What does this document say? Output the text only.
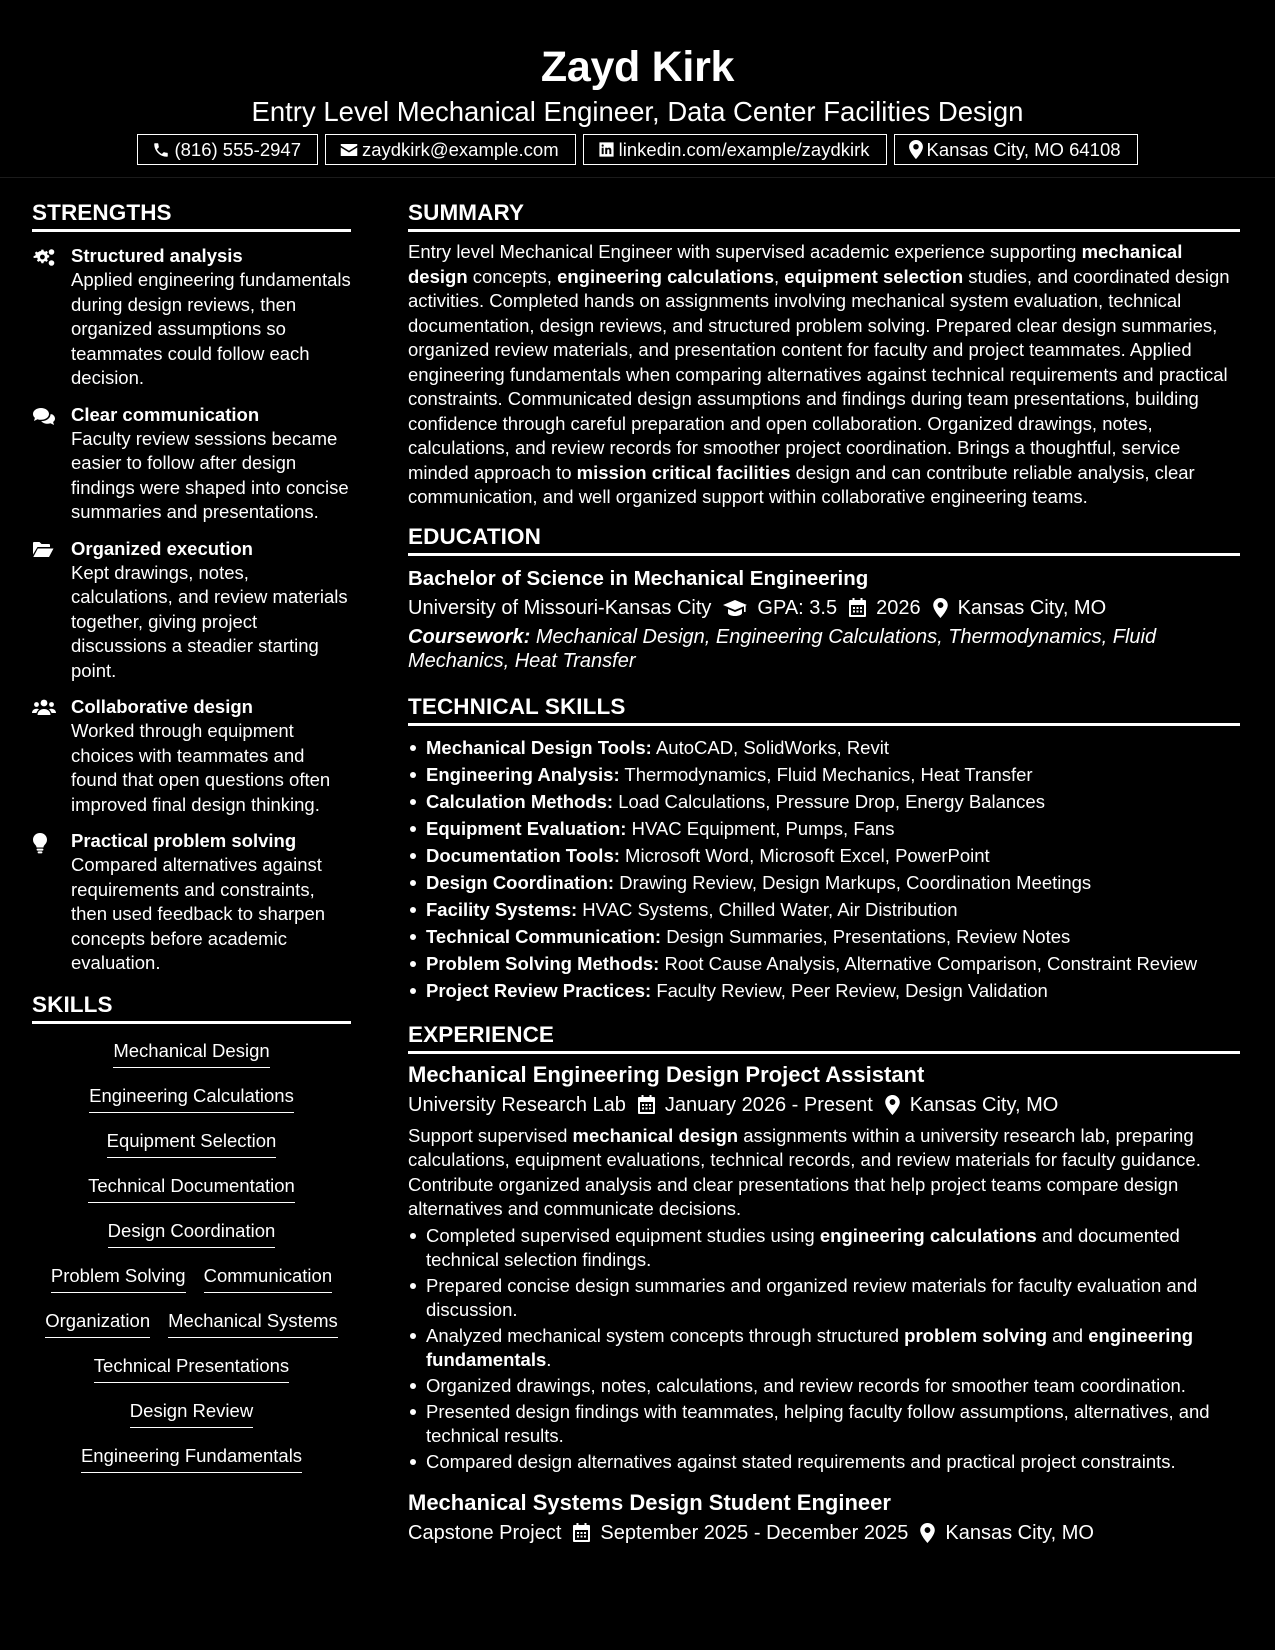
Zayd Kirk
Entry Level Mechanical Engineer, Data Center Facilities Design
(816) 555-2947	zaydkirk@example.com	linkedin.com/example/zaydkirk	Kansas City, MO 64108
STRENGTHS
Structured analysis
Applied engineering fundamentals during design reviews, then organized assumptions so teammates could follow each decision.
Clear communication
Faculty review sessions became easier to follow after design findings were shaped into concise summaries and presentations.
Organized execution
Kept drawings, notes, calculations, and review materials together, giving project discussions a steadier starting point.
Collaborative design
Worked through equipment choices with teammates and found that open questions often improved final design thinking.
Practical problem solving
Compared alternatives against requirements and constraints, then used feedback to sharpen concepts before academic evaluation.
SKILLS
Mechanical Design
Engineering Calculations
Equipment Selection
Technical Documentation
Design Coordination
Problem Solving Communication
Organization Mechanical Systems
Technical Presentations
Design Review
Engineering Fundamentals
SUMMARY

Entry level Mechanical Engineer with supervised academic experience supporting mechanical design concepts, engineering calculations, equipment selection studies, and coordinated design activities. Completed hands on assignments involving mechanical system evaluation, technical documentation, design reviews, and structured problem solving. Prepared clear design summaries, organized review materials, and presentation content for faculty and project teammates. Applied engineering fundamentals when comparing alternatives against technical requirements and practical constraints. Communicated design assumptions and findings during team presentations, building confidence through careful preparation and open collaboration. Organized drawings, notes, calculations, and review records for smoother project coordination. Brings a thoughtful, service minded approach to mission critical facilities design and can contribute reliable analysis, clear communication, and well organized support within collaborative engineering teams.

EDUCATION
Bachelor of Science in Mechanical Engineering
University of Missouri-Kansas City GPA: 3.5 2026 Kansas City, MO
Coursework: Mechanical Design, Engineering Calculations, Thermodynamics, Fluid Mechanics, Heat Transfer
TECHNICAL SKILLS
Mechanical Design Tools: AutoCAD, SolidWorks, Revit
Engineering Analysis: Thermodynamics, Fluid Mechanics, Heat Transfer
Calculation Methods: Load Calculations, Pressure Drop, Energy Balances
Equipment Evaluation: HVAC Equipment, Pumps, Fans
Documentation Tools: Microsoft Word, Microsoft Excel, PowerPoint
Design Coordination: Drawing Review, Design Markups, Coordination Meetings
Facility Systems: HVAC Systems, Chilled Water, Air Distribution
Technical Communication: Design Summaries, Presentations, Review Notes
Problem Solving Methods: Root Cause Analysis, Alternative Comparison, Constraint Review
Project Review Practices: Faculty Review, Peer Review, Design Validation
EXPERIENCE
Mechanical Engineering Design Project Assistant
University Research Lab January 2026 - Present Kansas City, MO

Support supervised mechanical design assignments within a university research lab, preparing calculations, equipment evaluations, technical records, and review materials for faculty guidance. Contribute organized analysis and clear presentations that help project teams compare design alternatives and communicate decisions.

Completed supervised equipment studies using engineering calculations and documented technical selection findings.
Prepared concise design summaries and organized review materials for faculty evaluation and discussion.
Analyzed mechanical system concepts through structured problem solving and engineering fundamentals.
Organized drawings, notes, calculations, and review records for smoother team coordination.
Presented design findings with teammates, helping faculty follow assumptions, alternatives, and technical results.
Compared design alternatives against stated requirements and practical project constraints.
Mechanical Systems Design Student Engineer
Capstone Project September 2025 - December 2025 Kansas City, MO
